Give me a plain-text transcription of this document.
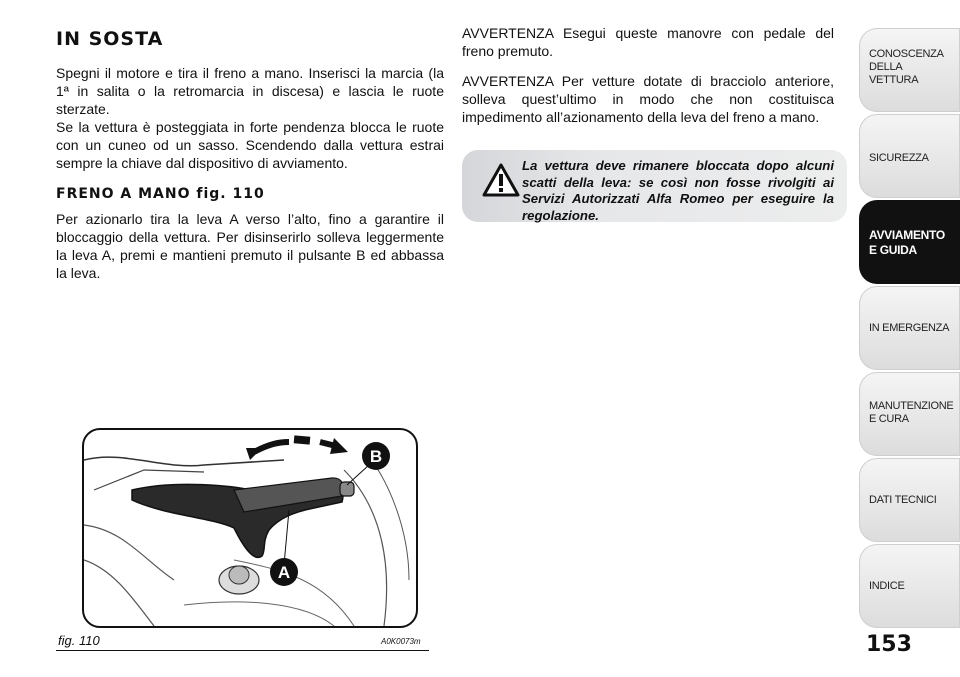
IN SOSTA

Spegni il motore e tira il freno a mano. Inserisci la marcia (la 1ª in salita o la retromarcia in discesa) e lascia le ruote sterzate.

Se la vettura è posteggiata in forte pendenza blocca le ruote con un cuneo od un sasso. Scendendo dalla vettura estrai sempre la chiave dal dispositivo di avviamento.

FRENO A MANO fig. 110

Per azionarlo tira la leva A verso l’alto, fino a garantire il bloccaggio della vettura. Per disinserirlo solleva leggermente la leva A, premi e mantieni premuto il pulsante B ed abbassa la leva.

AVVERTENZA Esegui queste manovre con pedale del freno premuto.

AVVERTENZA Per vetture dotate di bracciolo anteriore, solleva quest’ultimo in modo che non costituisca impedimento all’azionamento della leva del freno a mano.

La vettura deve rimanere bloccata dopo alcuni scatti della leva: se così non fosse rivolgiti ai Servizi Autorizzati Alfa Romeo per eseguire la regolazione.
B
A
fig. 110	A0K0073m
CONOSCENZA DELLA VETTURA
SICUREZZA
AVVIAMENTO E GUIDA
IN EMERGENZA
MANUTENZIONE E CURA
DATI TECNICI
INDICE
153
